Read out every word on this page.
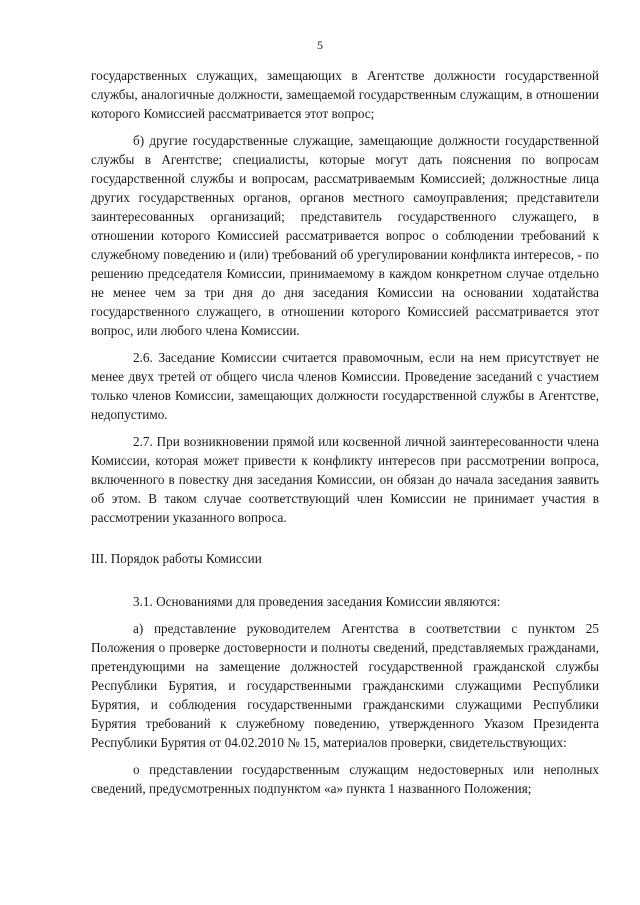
5

государственных служащих, замещающих в Агентстве должности государственной службы, аналогичные должности, замещаемой государственным служащим, в отношении которого Комиссией рассматривается этот вопрос;

б) другие государственные служащие, замещающие должности государственной службы в Агентстве; специалисты, которые могут дать пояснения по вопросам государственной службы и вопросам, рассматриваемым Комиссией; должностные лица других государственных органов, органов местного самоуправления; представители заинтересованных организаций; представитель государственного служащего, в отношении которого Комиссией рассматривается вопрос о соблюдении требований к служебному поведению и (или) требований об урегулировании конфликта интересов, - по решению председателя Комиссии, принимаемому в каждом конкретном случае отдельно не менее чем за три дня до дня заседания Комиссии на основании ходатайства государственного служащего, в отношении которого Комиссией рассматривается этот вопрос, или любого члена Комиссии.

2.6. Заседание Комиссии считается правомочным, если на нем присутствует не менее двух третей от общего числа членов Комиссии. Проведение заседаний с участием только членов Комиссии, замещающих должности государственной службы в Агентстве, недопустимо.

2.7. При возникновении прямой или косвенной личной заинтересованности члена Комиссии, которая может привести к конфликту интересов при рассмотрении вопроса, включенного в повестку дня заседания Комиссии, он обязан до начала заседания заявить об этом. В таком случае соответствующий член Комиссии не принимает участия в рассмотрении указанного вопроса.

III. Порядок работы Комиссии

3.1. Основаниями для проведения заседания Комиссии являются:

а) представление руководителем Агентства в соответствии с пунктом 25 Положения о проверке достоверности и полноты сведений, представляемых гражданами, претендующими на замещение должностей государственной гражданской службы Республики Бурятия, и государственными гражданскими служащими Республики Бурятия, и соблюдения государственными гражданскими служащими Республики Бурятия требований к служебному поведению, утвержденного Указом Президента Республики Бурятия от 04.02.2010 № 15, материалов проверки, свидетельствующих:

о представлении государственным служащим недостоверных или неполных сведений, предусмотренных подпунктом «а» пункта 1 названного Положения;
